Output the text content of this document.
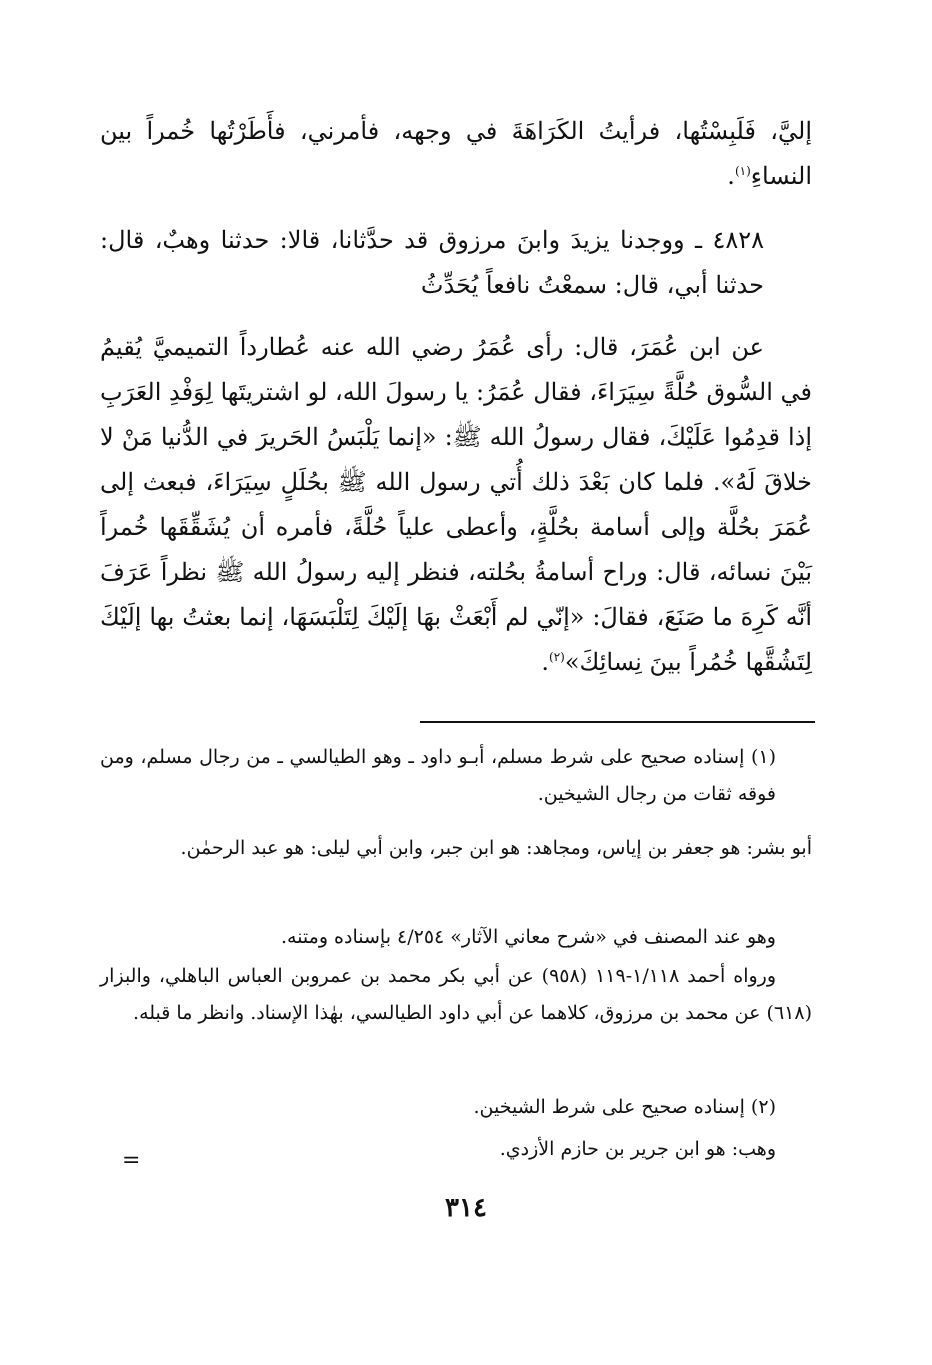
إليَّ، فَلَبِسْتُها، فرأيتُ الكَرَاهَةَ في وجهه، فأمرني، فأَطَرْتُها خُمراً بين النساءِ$^{(١)}$.
٤٨٢٨ ـ ووجدنا يزيدَ وابنَ مرزوق قد حدَّثانا، قالا: حدثنا وهبٌ، قال: حدثنا أبي، قال: سمعْتُ نافعاً يُحَدِّثُ
عن ابن عُمَرَ، قال: رأى عُمَرُ رضي الله عنه عُطارداً التميميَّ يُقيمُ في السُّوق حُلَّةً سِيَرَاءَ، فقال عُمَرُ: يا رسولَ الله، لو اشتريتَها لِوَفْدِ العَرَبِ إذا قدِمُوا عَلَيْكَ، فقال رسولُ الله ﷺ: «إنما يَلْبَسُ الحَريرَ في الدُّنيا مَنْ لا خلاقَ لَهُ». فلما كان بَعْدَ ذلك أُتي رسول الله ﷺ بحُلَلٍ سِيَرَاءَ، فبعث إلى عُمَرَ بحُلَّة وإلى أسامة بحُلَّةٍ، وأعطى علياً حُلَّةً، فأمره أن يُشَقِّقَها خُمراً بَيْنَ نسائه، قال: وراح أسامةُ بحُلته، فنظر إليه رسولُ الله ﷺ نظراً عَرَفَ أنَّه كَرِهَ ما صَنَعَ، فقالَ: «إنّي لم أَبْعَثْ بهَا إلَيْكَ لِتَلْبَسَهَا، إنما بعثتُ بها إلَيْكَ لِتَشُقَّها خُمُراً بينَ نِسائِكَ»$^{(٢)}$.
(١) إسناده صحيح على شرط مسلم، أبـو داود ـ وهو الطيالسي ـ من رجال مسلم، ومن فوقه ثقات من رجال الشيخين.
أبو بشر: هو جعفر بن إياس، ومجاهد: هو ابن جبر، وابن أبي ليلى: هو عبد الرحمٰن.
وهو عند المصنف في «شرح معاني الآثار» ٤/٢٥٤ بإسناده ومتنه.
ورواه أحمد ١/١١٨-١١٩ (٩٥٨) عن أبي بكر محمد بن عمروبن العباس الباهلي، والبزار (٦١٨) عن محمد بن مرزوق، كلاهما عن أبي داود الطيالسي، بهٰذا الإسناد. وانظر ما قبله.
(٢) إسناده صحيح على شرط الشيخين.
وهب: هو ابن جرير بن حازم الأزدي.
=
٣١٤
